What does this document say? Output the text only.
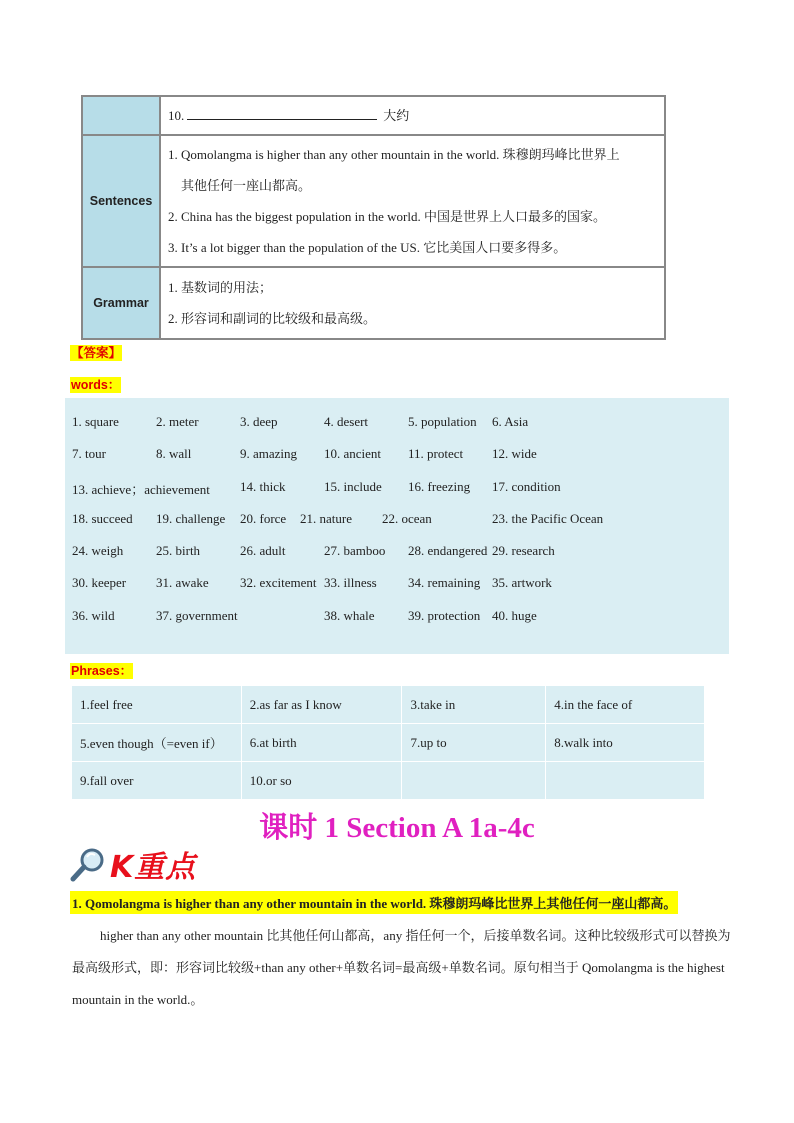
	10. 大约
Sentences	1. Qomolangma is higher than any other mountain in the world. 珠穆朗玛峰比世界上
其他任何一座山都高。
2. China has the biggest population in the world. 中国是世界上人口最多的国家。
3. It’s a lot bigger than the population of the US. 它比美国人口要多得多。

Grammar	1. 基数词的用法；
2. 形容词和副词的比较级和最高级。
【答案】
words：
1. square	2. meter	3. deep	4. desert	5. population 6. Asia
7. tour	8. wall	9. amazing 10. ancient 11. protect 12. wide
13. achieve；achievement 14. thick	15. include 16. freezing 17. condition
18. succeed 19. challenge 20. force 21. nature 22. ocean	23. the Pacific Ocean
24. weigh	25. birth	26. adult	27. bamboo 28. endangered 29. research
30. keeper 31. awake 32. excitement 33. illness 34. remaining 35. artwork
36. wild	37. government	38. whale	39. protection 40. huge
Phrases：
1.feel free	2.as far as I know	3.take in	4.in the face of
5.even though（=even if）	6.at birth	7.up to	8.walk into
9.fall over	10.or so		
课时 1 Section A 1a-4c
K重点
1. Qomolangma is higher than any other mountain in the world. 珠穆朗玛峰比世界上其他任何一座山都高。
higher than any other mountain 比其他任何山都高，any 指任何一个，后接单数名词。这种比较级形式可以替换为最高级形式，即：形容词比较级+than any other+单数名词=最高级+单数名词。原句相当于 Qomolangma is the highest mountain in the world.。
